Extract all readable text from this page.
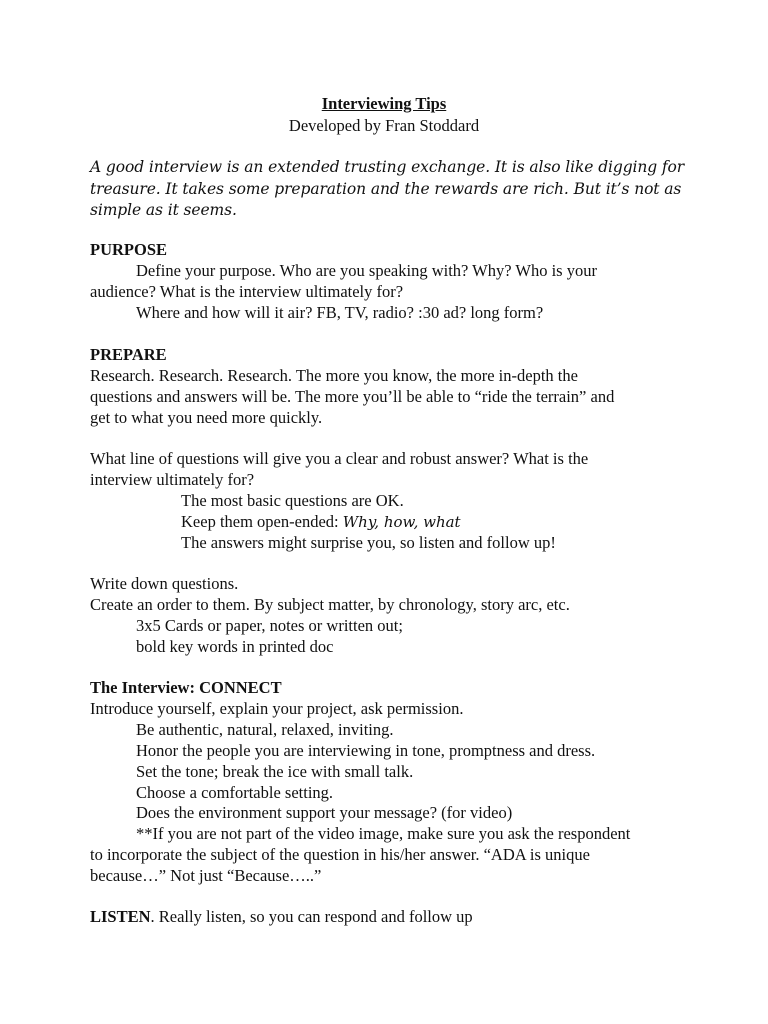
Interviewing Tips
Developed by Fran Stoddard
A good interview is an extended trusting exchange. It is also like digging for
treasure. It takes some preparation and the rewards are rich. But it’s not as
simple as it seems.
PURPOSE
Define your purpose. Who are you speaking with? Why? Who is your
audience? What is the interview ultimately for?
Where and how will it air? FB, TV, radio? :30 ad? long form?
PREPARE
Research. Research. Research. The more you know, the more in-depth the
questions and answers will be. The more you’ll be able to “ride the terrain” and
get to what you need more quickly.
What line of questions will give you a clear and robust answer? What is the
interview ultimately for?
The most basic questions are OK.
Keep them open-ended: Why, how, what
The answers might surprise you, so listen and follow up!
Write down questions.
Create an order to them. By subject matter, by chronology, story arc, etc.
3x5 Cards or paper, notes or written out;
bold key words in printed doc
The Interview: CONNECT
Introduce yourself, explain your project, ask permission.
Be authentic, natural, relaxed, inviting.
Honor the people you are interviewing in tone, promptness and dress.
Set the tone; break the ice with small talk.
Choose a comfortable setting.
Does the environment support your message? (for video)
**If you are not part of the video image, make sure you ask the respondent
to incorporate the subject of the question in his/her answer. “ADA is unique
because…” Not just “Because…..”
LISTEN. Really listen, so you can respond and follow up
